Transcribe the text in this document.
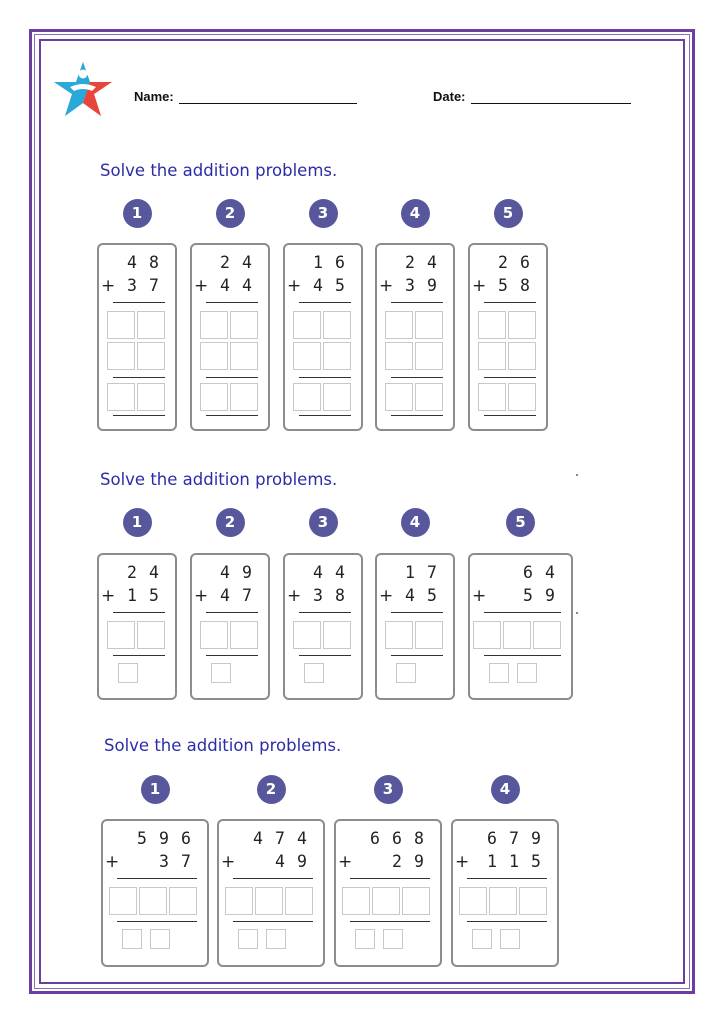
Name:	Date:
Solve the addition problems.
1
4 8
+ 3 7
2
2 4
+ 4 4
3
1 6
+ 4 5
4
2 4
+ 3 9
5
2 6
+ 5 8
Solve the addition problems.
1
2 4
+ 1 5
2
4 9
+ 4 7
3
4 4
+ 3 8
4
1 7
+ 4 5
5
6 4
+ 5 9
Solve the addition problems.
1
5 9 6
+ 3 7
2
4 7 4
+ 4 9
3
6 6 8
+ 2 9
4
6 7 9
+ 1 1 5
